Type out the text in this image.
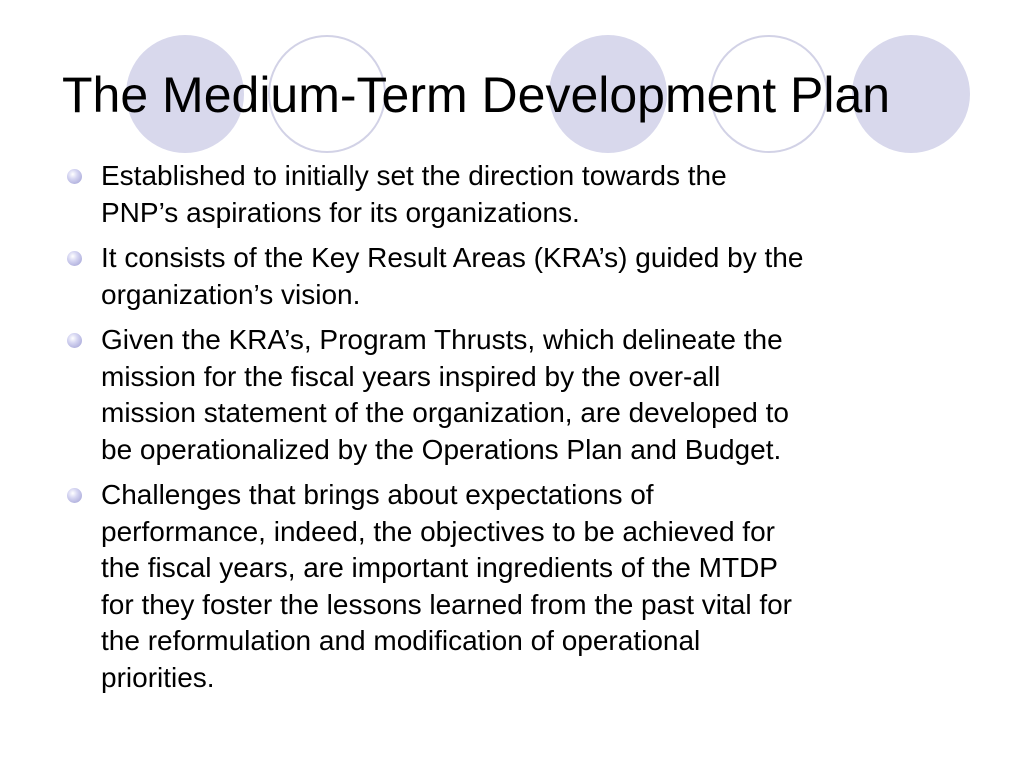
The Medium-Term Development Plan
Established to initially set the direction towards the
PNP’s aspirations for its organizations.
It consists of the Key Result Areas (KRA’s) guided by the
organization’s vision.
Given the KRA’s, Program Thrusts, which delineate the
mission for the fiscal years inspired by the over-all
mission statement of the organization, are developed to
be operationalized by the Operations Plan and Budget.
Challenges that brings about expectations of
performance, indeed, the objectives to be achieved for
the fiscal years, are important ingredients of the MTDP
for they foster the lessons learned from the past vital for
the reformulation and modification of operational
priorities.
